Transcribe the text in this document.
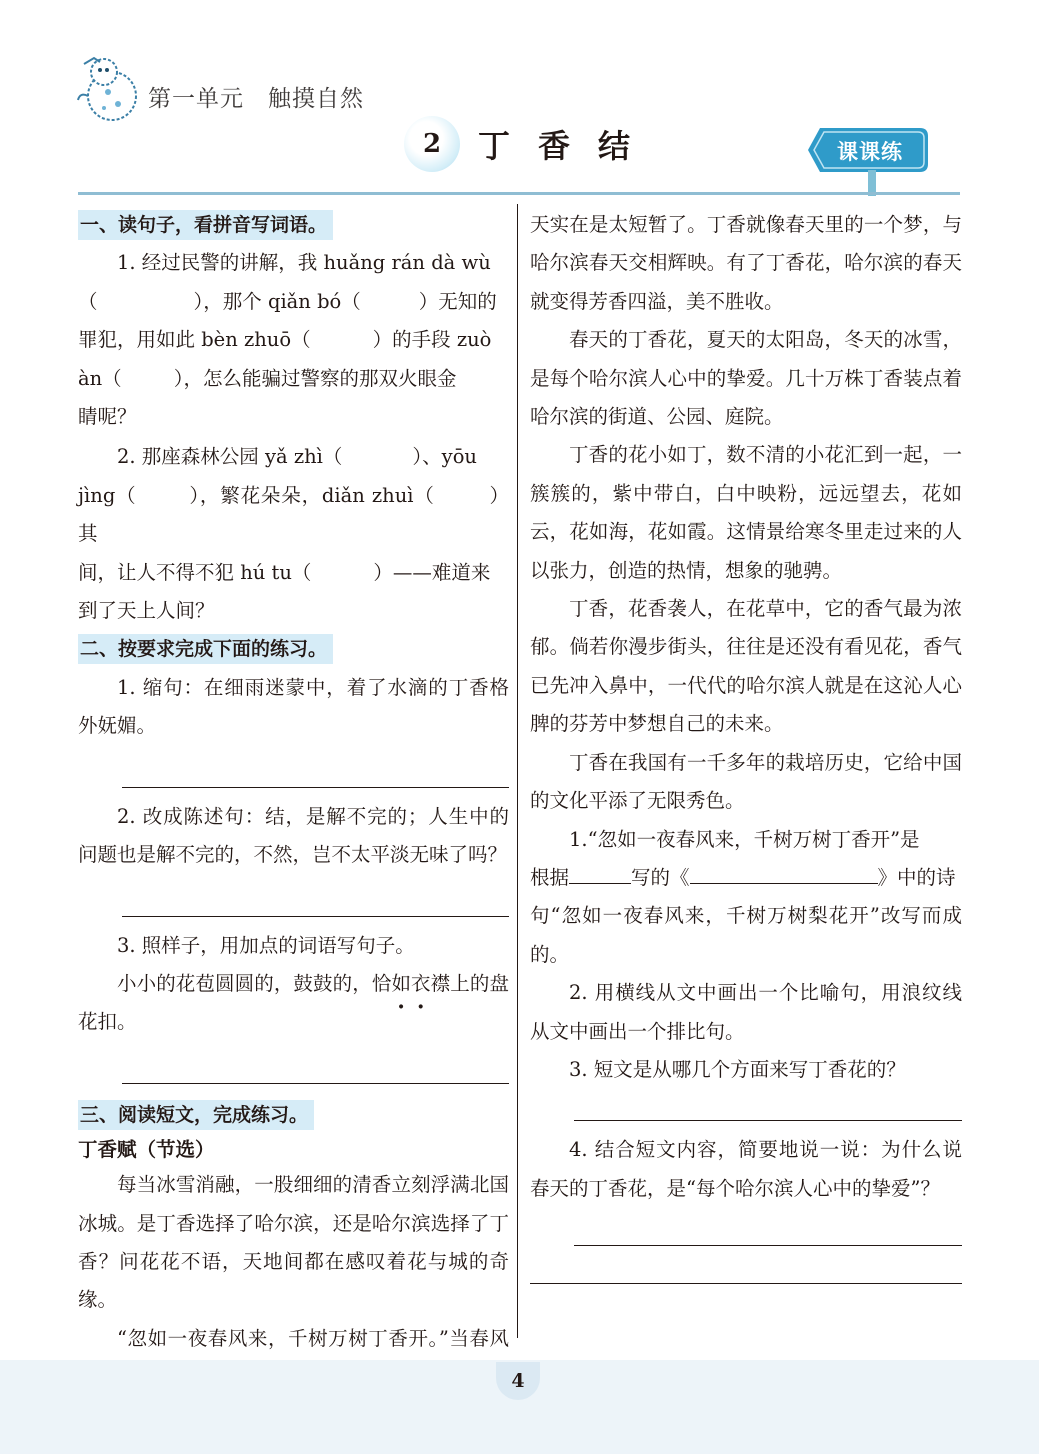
第一单元　触摸自然
2	丁香结	课课练
一、读句子，看拼音写词语。

1. 经过民警的讲解，我 huǎng rán dà wù

（	），那个 qiǎn bó（	）无知的

罪犯，用如此 bèn zhuō（	）的手段 zuò

àn（	），怎么能骗过警察的那双火眼金

睛呢？

2. 那座森林公园 yǎ zhì（	）、yōu

jìng（	），繁花朵朵，diǎn zhuì（	）其

间，让人不得不犯 hú tu（	）——难道来

到了天上人间？

二、按要求完成下面的练习。

1. 缩句：在细雨迷蒙中，着了水滴的丁香格外妩媚。

2. 改成陈述句：结，是解不完的；人生中的问题也是解不完的，不然，岂不太平淡无味了吗？

3. 照样子，用加点的词语写句子。

小小的花苞圆圆的，鼓鼓的，恰如衣襟上的盘花扣。

三、阅读短文，完成练习。

丁香赋（节选）

每当冰雪消融，一股细细的清香立刻浮满北国冰城。是丁香选择了哈尔滨，还是哈尔滨选择了丁香？问花花不语，天地间都在感叹着花与城的奇缘。

“忽如一夜春风来，千树万树丁香开。”当春风

天实在是太短暂了。丁香就像春天里的一个梦，与哈尔滨春天交相辉映。有了丁香花，哈尔滨的春天就变得芳香四溢，美不胜收。

春天的丁香花，夏天的太阳岛，冬天的冰雪，是每个哈尔滨人心中的挚爱。几十万株丁香装点着哈尔滨的街道、公园、庭院。

丁香的花小如丁，数不清的小花汇到一起，一簇簇的，紫中带白，白中映粉，远远望去，花如云，花如海，花如霞。这情景给寒冬里走过来的人以张力，创造的热情，想象的驰骋。

丁香，花香袭人，在花草中，它的香气最为浓郁。倘若你漫步街头，往往是还没有看见花，香气已先冲入鼻中，一代代的哈尔滨人就是在这沁人心脾的芬芳中梦想自己的未来。

丁香在我国有一千多年的栽培历史，它给中国的文化平添了无限秀色。

1.“忽如一夜春风来，千树万树丁香开”是

根据	写的《	》中的诗

句“忽如一夜春风来，千树万树梨花开”改写而成的。

2. 用横线从文中画出一个比喻句，用浪纹线从文中画出一个排比句。

3. 短文是从哪几个方面来写丁香花的？

4. 结合短文内容，简要地说一说：为什么说春天的丁香花，是“每个哈尔滨人心中的挚爱”？

4
